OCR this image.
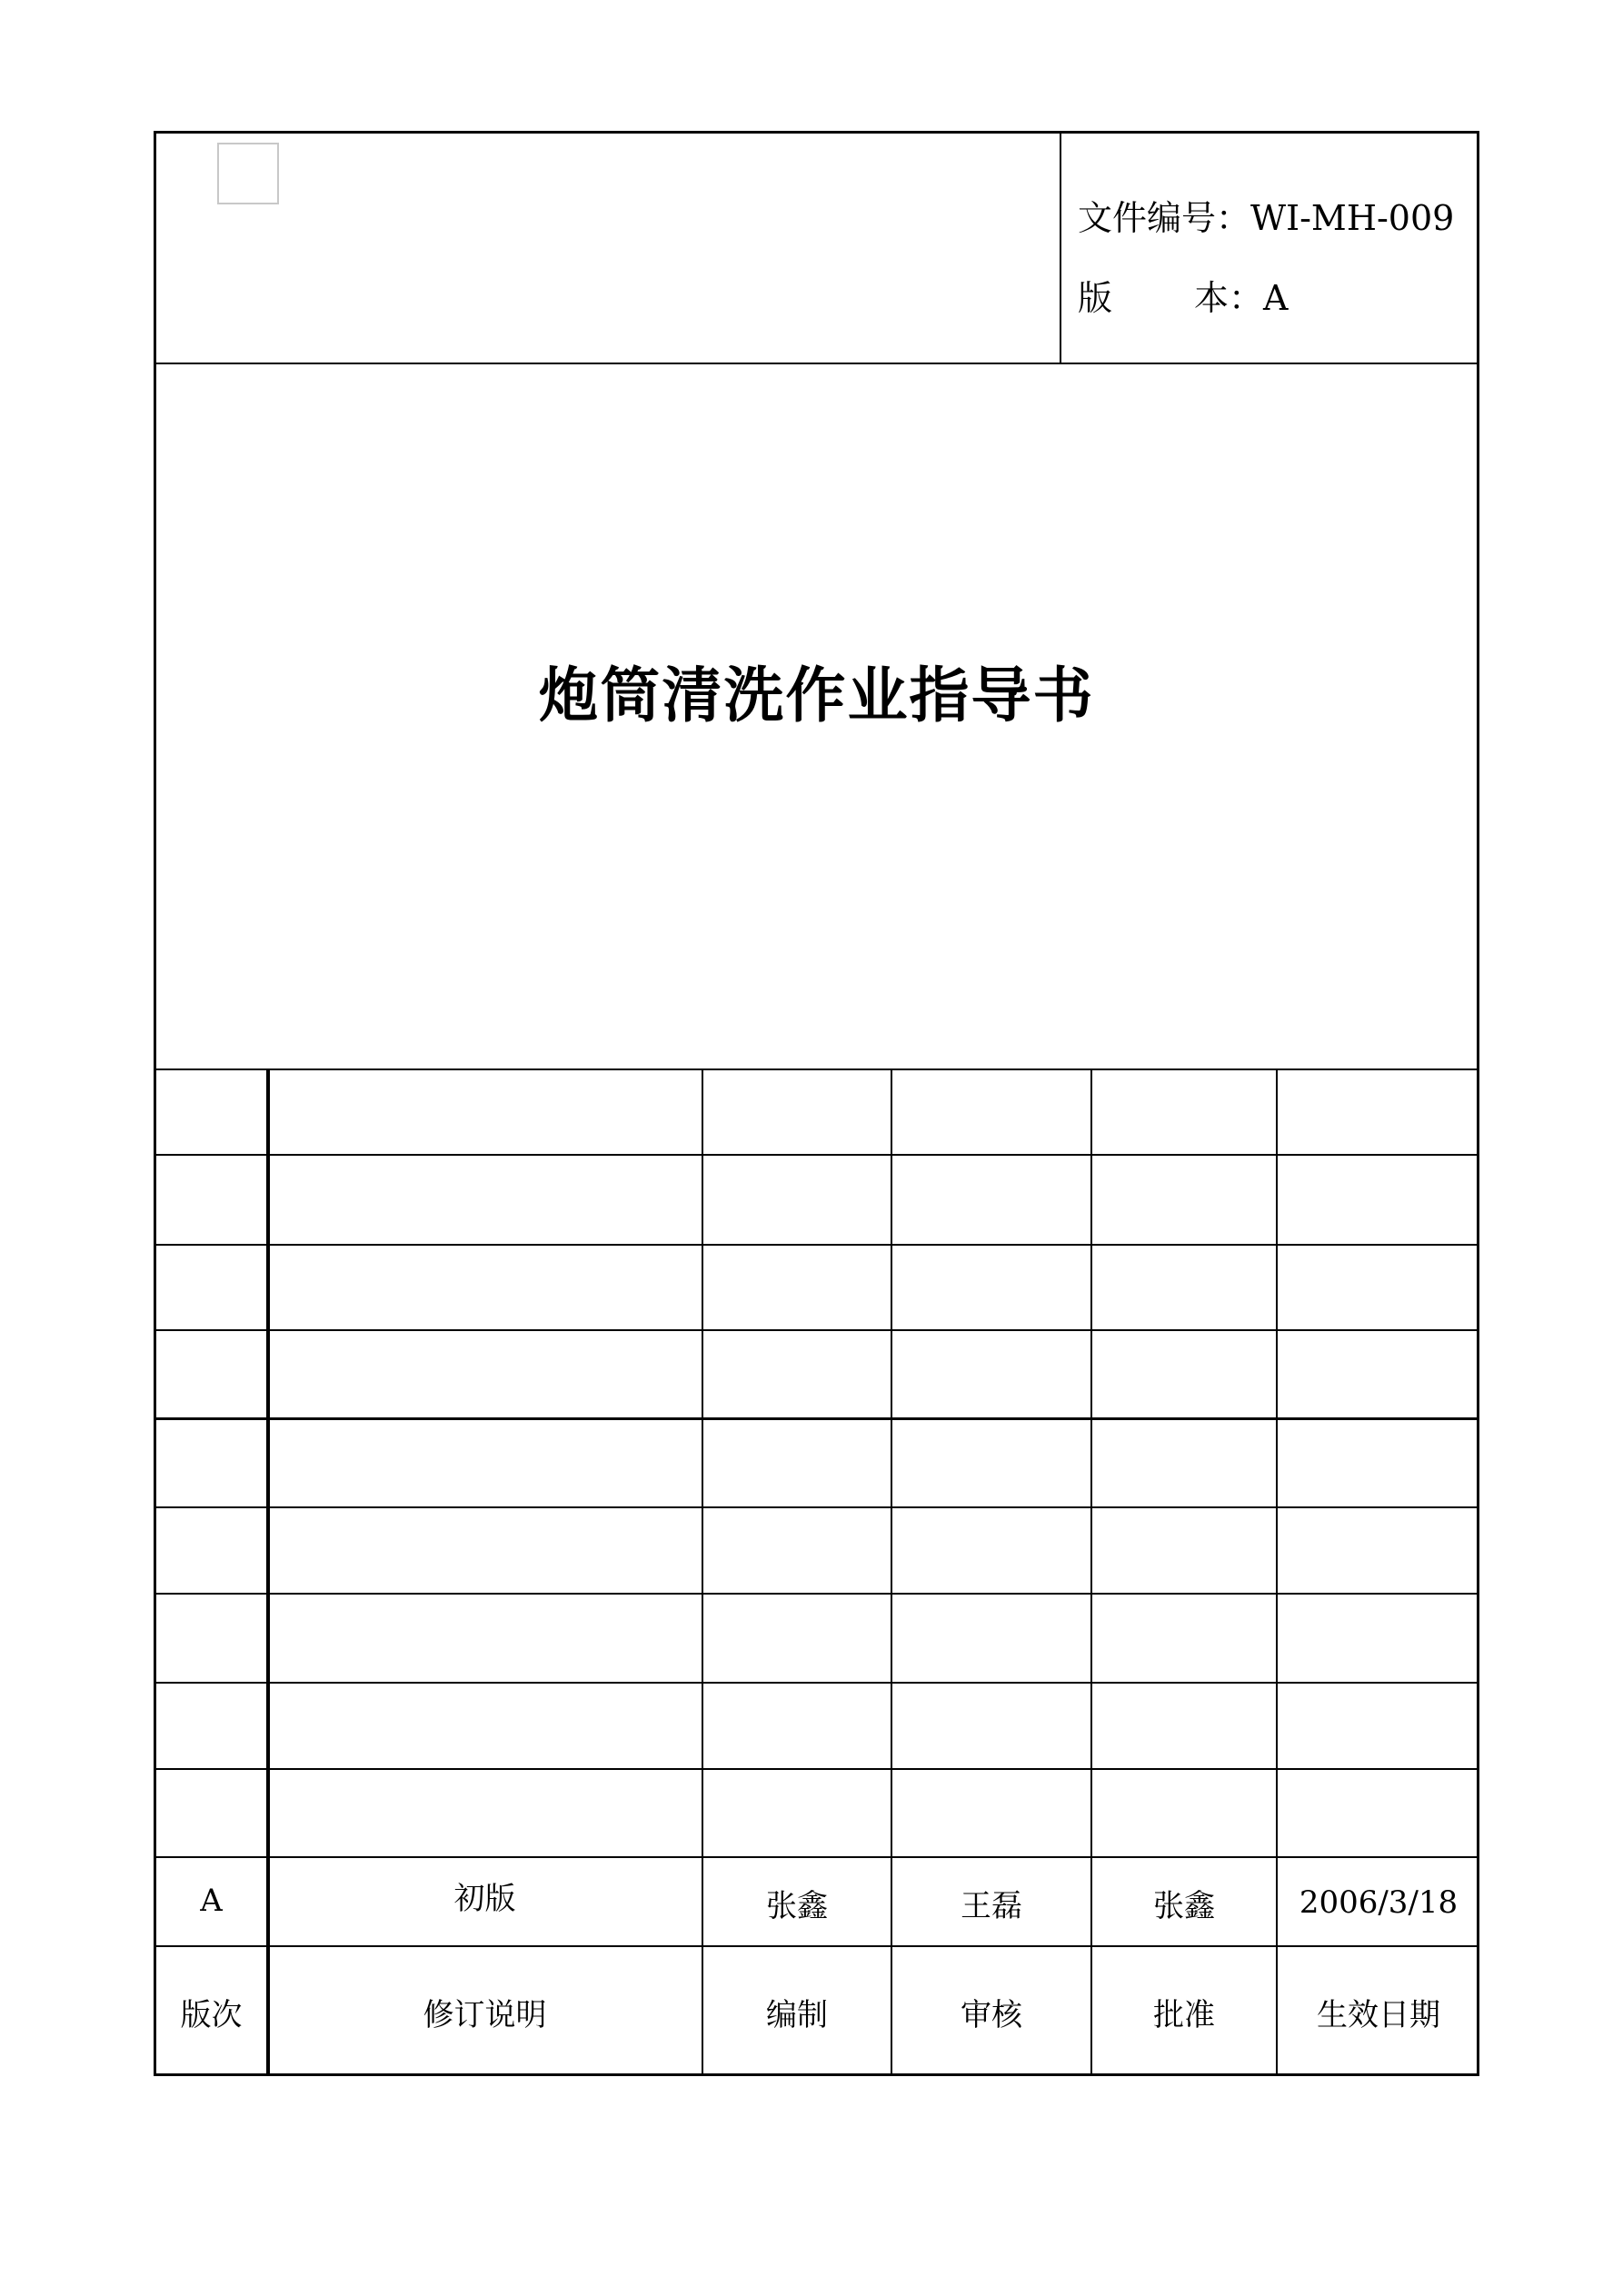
文件编号：WI-MH-009
版 本：A
炮筒清洗作业指导书
A	初版	张鑫	王磊	张鑫	2006/3/18
版次	修订说明	编制	审核	批准	生效日期
